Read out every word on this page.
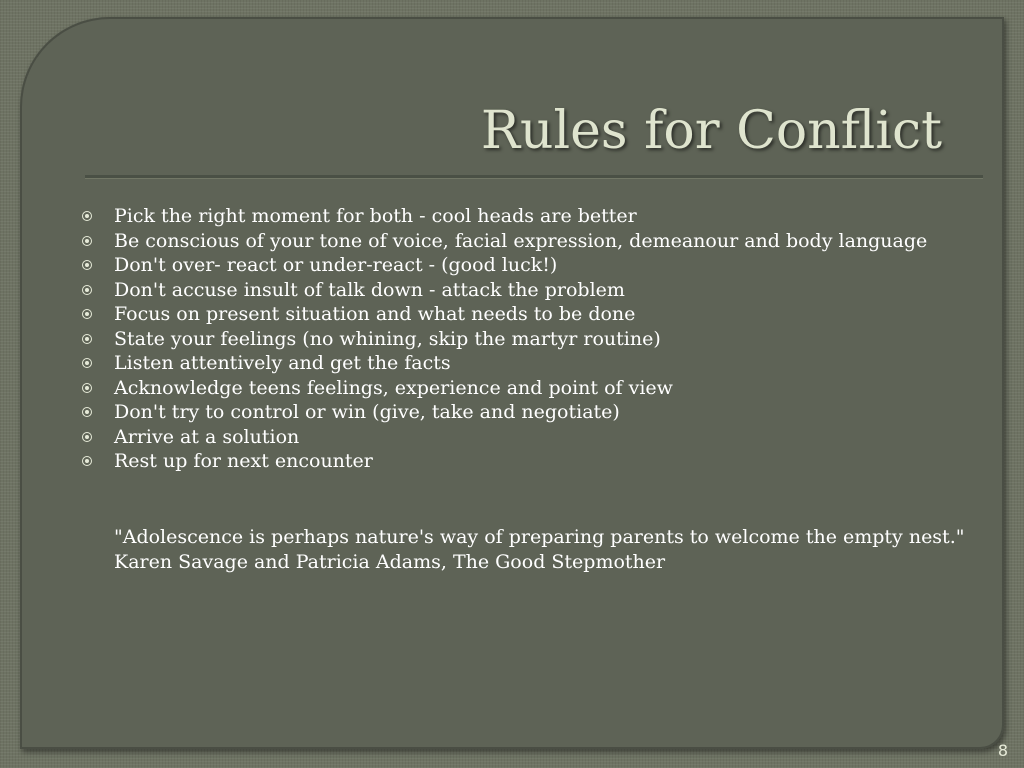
Rules for Conflict
Pick the right moment for both - cool heads are better
Be conscious of your tone of voice, facial expression, demeanour and body language
Don't over- react or under-react - (good luck!)
Don't accuse insult of talk down - attack the problem
Focus on present situation and what needs to be done
State your feelings (no whining, skip the martyr routine)
Listen attentively and get the facts
Acknowledge teens feelings, experience and point of view
Don't try to control or win (give, take and negotiate)
Arrive at a solution
Rest up for next encounter

"Adolescence is perhaps nature's way of preparing parents to welcome the empty nest."
Karen Savage and Patricia Adams, The Good Stepmother

8
